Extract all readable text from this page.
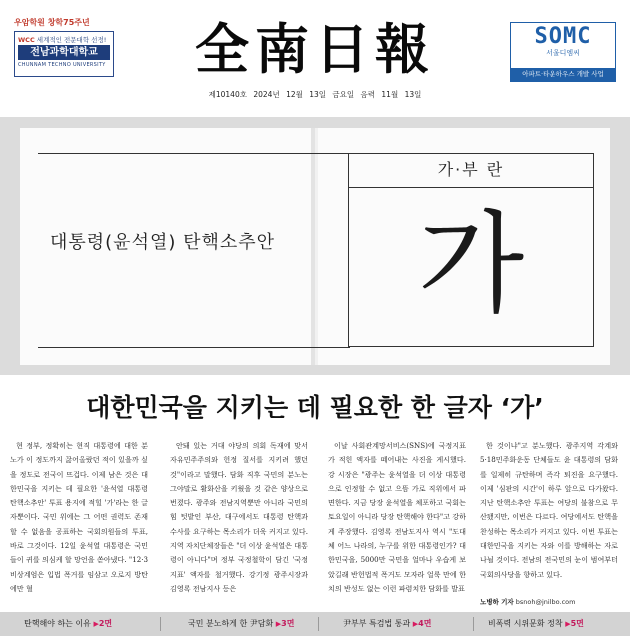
우암학원 창학75주년
WCC 세계적인 전문대학 선정!
전남과학대학교
CHUNNAM TECHNO UNIVERSITY	全南日報	SOMC
서울디엠씨
아파트·타운하우스 개발 사업
제10140호 2024년 12월 13일 금요일 음력 11월 13일
대통령(윤석열) 탄핵소추안
가·부 란
가
대한민국을 지키는 데 필요한 한 글자 ‘가’

현 정부, 정확히는 현직 대통령에 대한 분노가 이 정도까지 끓어올랐던 적이 있을까 싶을 정도로 전국이 뜨겁다. 이제 남은 것은 대한민국을 지키는 데 필요한 '윤석열 대통령 탄핵소추안' 투표 용지에 적힐 '가'라는 한 글자뿐이다. 국민 위에는 그 어떤 권력도 존재할 수 없음을 공표하는 국회의원들의 투표, 바로 그것이다. 12일 윤석열 대통령은 국민들이 귀를 의심케 할 망언을 쏟아냈다. "12·3 비상계엄은 입법 폭거를 임삼고 오로지 방탄에만 혈

안돼 있는 거대 야당의 의회 독재에 맞서 자유민주주의와 헌정 질서를 지키려 했던 것"이라고 말했다. 담화 직후 국민의 분노는 그야말로 활화산을 키웠을 것 같은 양상으로 번졌다. 광주와 전남지역뿐만 아니라 국민의힘 텃밭인 부산, 대구에서도 대통령 탄핵과 수사를 요구하는 목소리가 더욱 커지고 있다. 지역 자치단체장들은 "더 이상 윤석열은 대통령이 아니다"며 정부 국정철학이 담긴 '국정지표' 액자를 철거했다. 강기정 광주시장과 김영록 전남지사 등은

이날 사회관계망서비스(SNS)에 국정지표가 적힌 액자를 떼어내는 사진을 게시했다. 강 시장은 "광주는 윤석열을 더 이상 대통령으로 인정할 수 없고 으뜸 가로 직위에서 파면한다. 지금 당장 윤석열을 체포하고 국회는 토요일이 아니라 당장 탄핵해야 한다"고 강하게 주장했다. 김영록 전남도지사 역시 "도대체 어느 나라의, 누구를 위한 대통령인가? 대한민국을, 5000만 국민을 얼마나 우습게 보았길래 반헌법적 폭거도 모자라 얼룩 만에 한 치의 반성도 없는 이런 파렴치한 담화를 발표

한 것이냐"고 분노했다. 광주지역 각계와 5·18민주화운동 단체들도 윤 대통령의 담화를 일제히 규탄하며 즉각 퇴진을 요구했다. 이제 '심판의 시간'이 하루 앞으로 다가왔다. 지난 탄핵소추안 투표는 여당의 불참으로 무산됐지만, 이번은 다르다. 여당에서도 탄핵을 찬성하는 목소리가 커지고 있다. 이번 투표는 대한민국을 지키는 자와 이를 방해하는 자로 나뉠 것이다. 전남의 전국민의 눈이 범여부터 국회의사당을 향하고 있다.

노병하 기자 bsnoh@jnilbo.com
탄핵해야 하는 이유 ▶2면	국민 분노하게 한 尹담화 ▶3면	尹부부 특검법 통과 ▶4면	비폭력 시위문화 정착 ▶5면
